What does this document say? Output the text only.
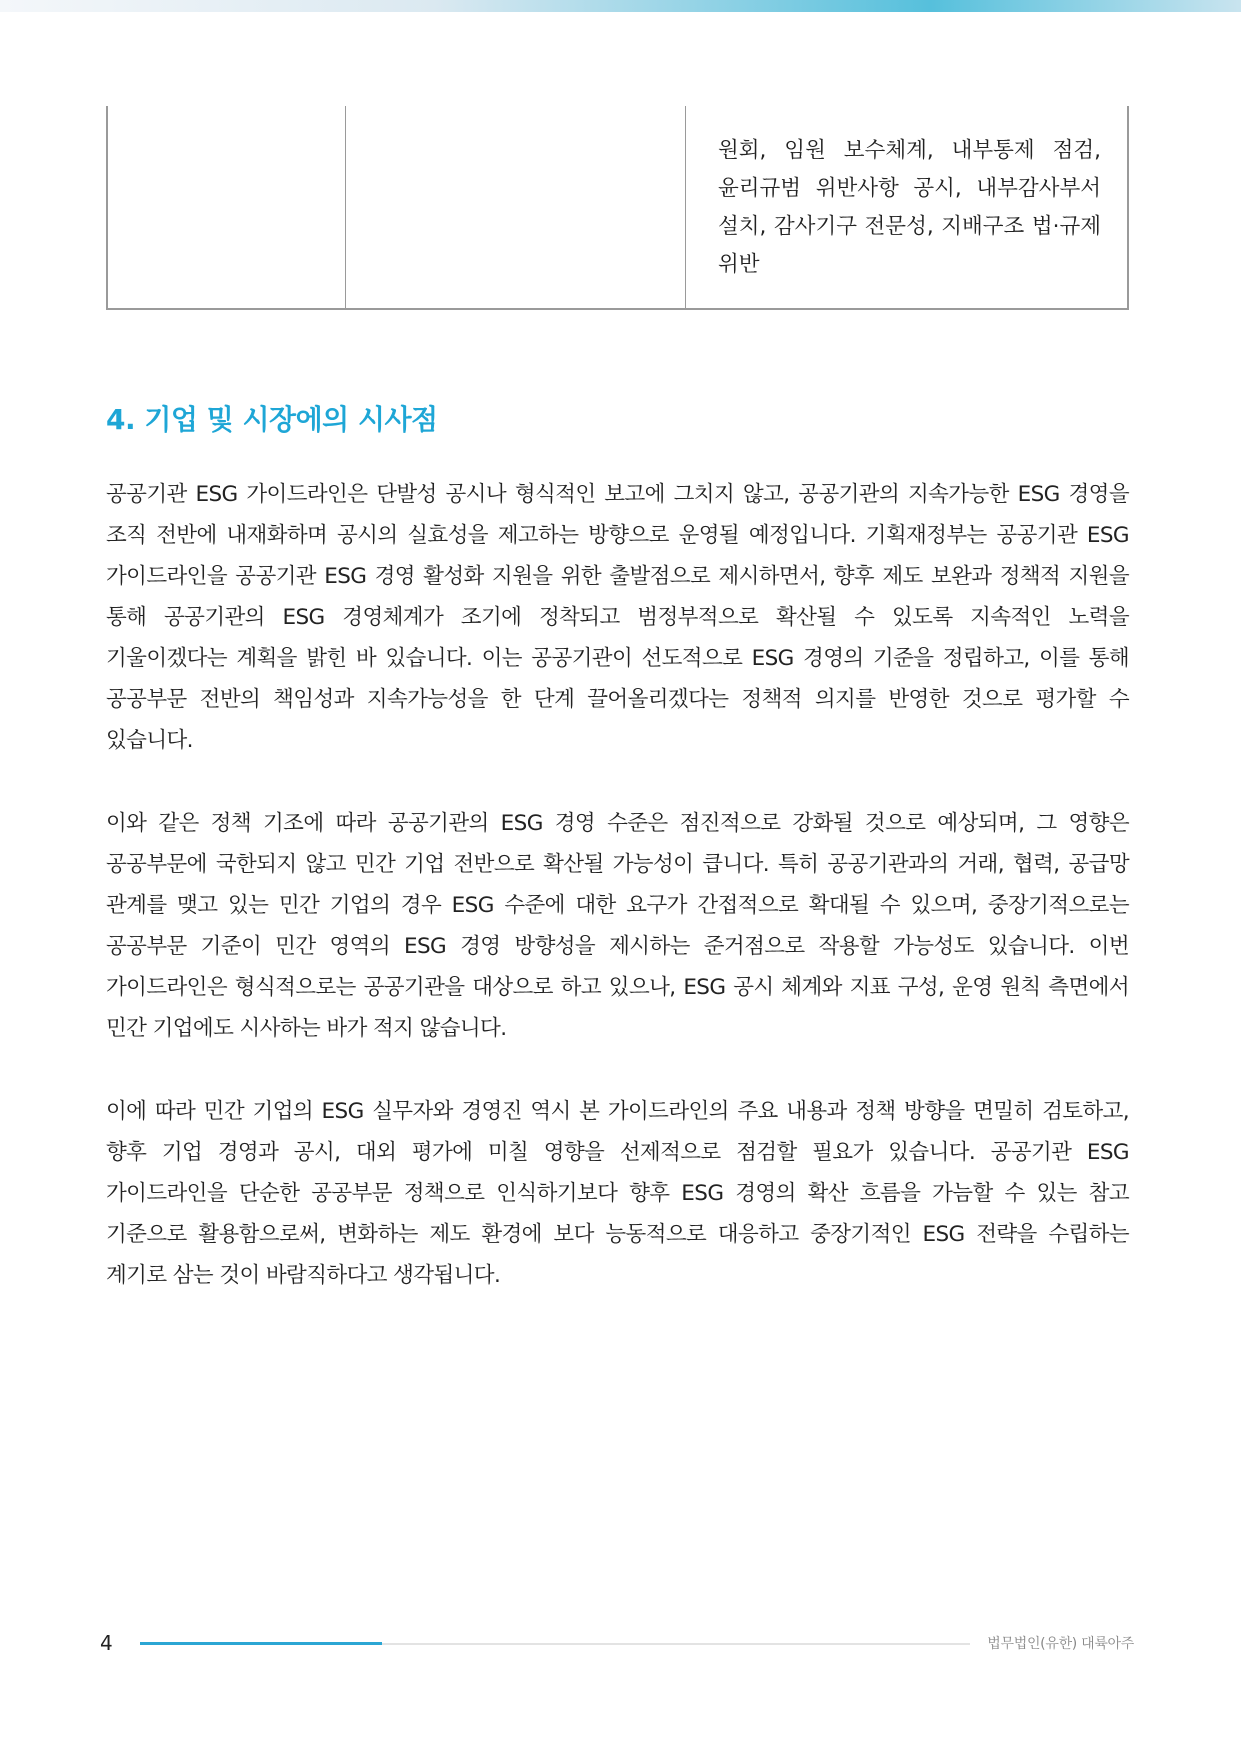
원회, 임원 보수체계, 내부통제 점검, 윤리규범 위반사항 공시, 내부감사부서 설치, 감사기구 전문성, 지배구조 법·규제 위반

4. 기업 및 시장에의 시사점

공공기관 ESG 가이드라인은 단발성 공시나 형식적인 보고에 그치지 않고, 공공기관의 지속가능한 ESG 경영을 조직 전반에 내재화하며 공시의 실효성을 제고하는 방향으로 운영될 예정입니다. 기획재정부는 공공기관 ESG 가이드라인을 공공기관 ESG 경영 활성화 지원을 위한 출발점으로 제시하면서, 향후 제도 보완과 정책적 지원을 통해 공공기관의 ESG 경영체계가 조기에 정착되고 범정부적으로 확산될 수 있도록 지속적인 노력을 기울이겠다는 계획을 밝힌 바 있습니다. 이는 공공기관이 선도적으로 ESG 경영의 기준을 정립하고, 이를 통해 공공부문 전반의 책임성과 지속가능성을 한 단계 끌어올리겠다는 정책적 의지를 반영한 것으로 평가할 수 있습니다.

이와 같은 정책 기조에 따라 공공기관의 ESG 경영 수준은 점진적으로 강화될 것으로 예상되며, 그 영향은 공공부문에 국한되지 않고 민간 기업 전반으로 확산될 가능성이 큽니다. 특히 공공기관과의 거래, 협력, 공급망 관계를 맺고 있는 민간 기업의 경우 ESG 수준에 대한 요구가 간접적으로 확대될 수 있으며, 중장기적으로는 공공부문 기준이 민간 영역의 ESG 경영 방향성을 제시하는 준거점으로 작용할 가능성도 있습니다. 이번 가이드라인은 형식적으로는 공공기관을 대상으로 하고 있으나, ESG 공시 체계와 지표 구성, 운영 원칙 측면에서 민간 기업에도 시사하는 바가 적지 않습니다.

이에 따라 민간 기업의 ESG 실무자와 경영진 역시 본 가이드라인의 주요 내용과 정책 방향을 면밀히 검토하고, 향후 기업 경영과 공시, 대외 평가에 미칠 영향을 선제적으로 점검할 필요가 있습니다. 공공기관 ESG 가이드라인을 단순한 공공부문 정책으로 인식하기보다 향후 ESG 경영의 확산 흐름을 가늠할 수 있는 참고 기준으로 활용함으로써, 변화하는 제도 환경에 보다 능동적으로 대응하고 중장기적인 ESG 전략을 수립하는 계기로 삼는 것이 바람직하다고 생각됩니다.

4	법무법인(유한) 대륙아주
